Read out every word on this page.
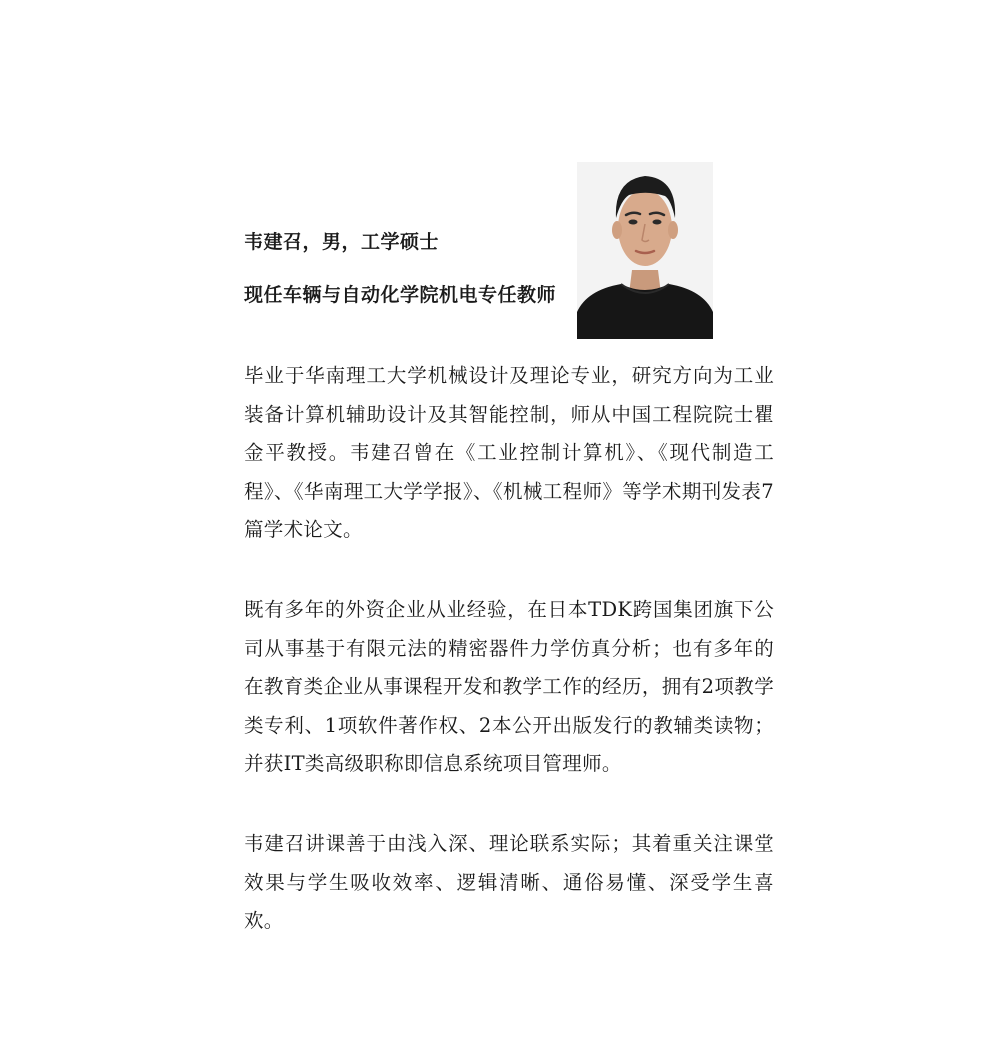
韦建召，男，工学硕士
现任车辆与自动化学院机电专任教师

毕业于华南理工大学机械设计及理论专业，研究方向为工业装备计算机辅助设计及其智能控制，师从中国工程院院士瞿金平教授。韦建召曾在《工业控制计算机》、《现代制造工程》、《华南理工大学学报》、《机械工程师》等学术期刊发表7篇学术论文。

既有多年的外资企业从业经验，在日本TDK跨国集团旗下公司从事基于有限元法的精密器件力学仿真分析；也有多年的在教育类企业从事课程开发和教学工作的经历，拥有2项教学类专利、1项软件著作权、2本公开出版发行的教辅类读物；并获IT类高级职称即信息系统项目管理师。

韦建召讲课善于由浅入深、理论联系实际；其着重关注课堂效果与学生吸收效率、逻辑清晰、通俗易懂、深受学生喜欢。
